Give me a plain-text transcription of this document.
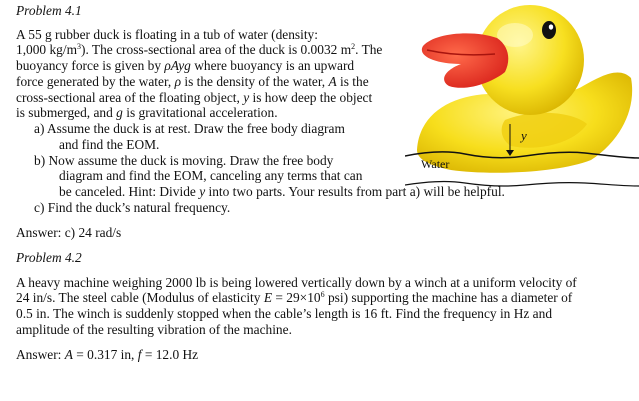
Problem 4.1
A 55 g rubber duck is floating in a tub of water (density:
1,000 $kg/m^3$). The cross-sectional area of the duck is 0.0032 $m^2$. The
buoyancy force is given by ρAyg where buoyancy is an upward
force generated by the water, ρ is the density of the water, A is the
cross-sectional area of the floating object, y is how deep the object
is submerged, and g is gravitational acceleration.
a) Assume the duck is at rest. Draw the free body diagram
and find the EOM.
b) Now assume the duck is moving. Draw the free body
diagram and find the EOM, canceling any terms that can
be canceled. Hint: Divide y into two parts. Your results from part a) will be helpful.
c) Find the duck’s natural frequency.
Answer: c) 24 rad/s
Problem 4.2
A heavy machine weighing 2000 lb is being lowered vertically down by a winch at a uniform velocity of
24 in/s. The steel cable (Modulus of elasticity $E = 29\times 10^6$ psi) supporting the machine has a diameter of
0.5 in. The winch is suddenly stopped when the cable’s length is 16 ft. Find the frequency in Hz and
amplitude of the resulting vibration of the machine.
Answer: A = 0.317 in, f = 12.0 Hz
y
Water
